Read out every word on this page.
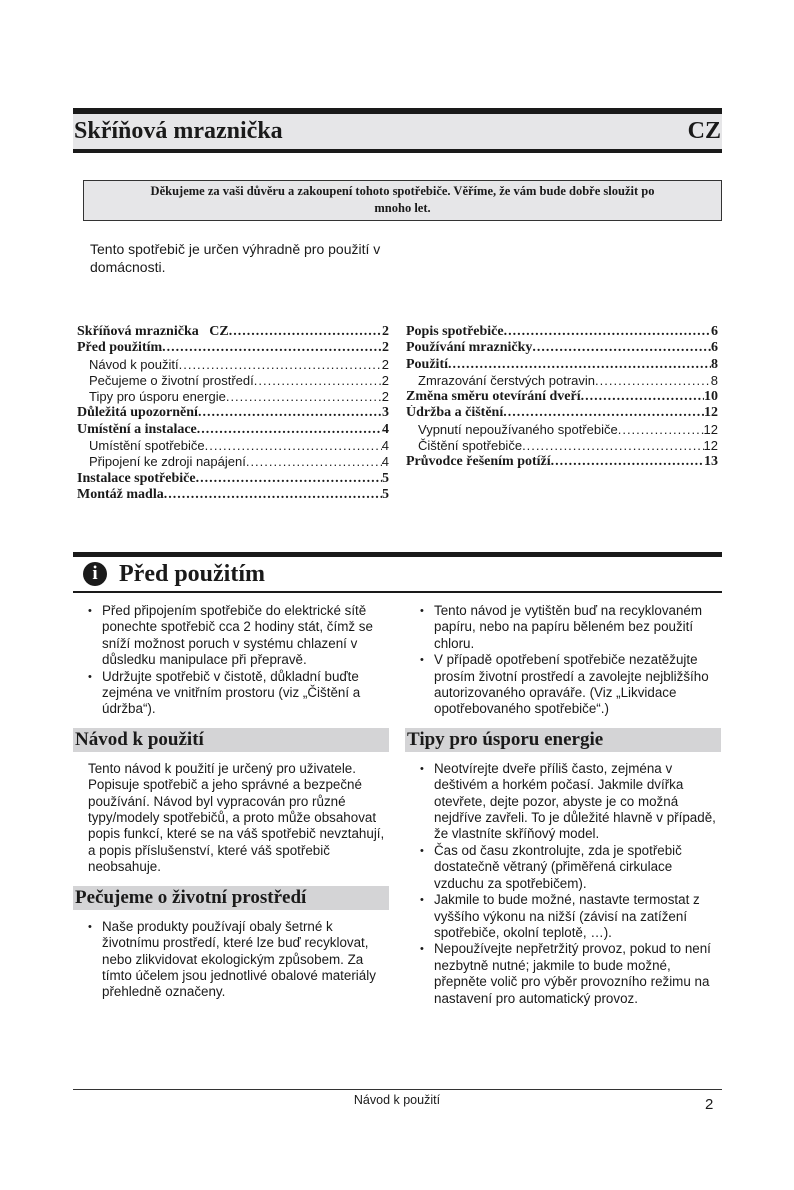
Skříňová mraznička	CZ
Děkujeme za vaši důvěru a zakoupení tohoto spotřebiče. Věříme, že vám bude dobře sloužit po mnoho let.
Tento spotřebič je určen výhradně pro použití v domácnosti.
Skříňová mraznička   CZ .....	2
Před použitím .....	2
Návod k použití .....	2
Pečujeme o životní prostředí .....	2
Tipy pro úsporu energie .....	2
Důležitá upozornění .....	3
Umístění a instalace .....	4
Umístění spotřebiče .....	4
Připojení ke zdroji napájení .....	4
Instalace spotřebiče .....	5
Montáž madla .....	5
Popis spotřebiče .....	6
Používání mrazničky .....	6
Použití .....	8
Zmrazování čerstvých potravin .....	8
Změna směru otevírání dveří .....	10
Údržba a čištění .....	12
Vypnutí nepoužívaného spotřebiče .....	12
Čištění spotřebiče .....	12
Průvodce řešením potíží .....	13
i Před použitím
• Před připojením spotřebiče do elektrické sítě ponechte spotřebič cca 2 hodiny stát, čímž se sníží možnost poruch v systému chlazení v důsledku manipulace při přepravě.
• Udržujte spotřebič v čistotě, důkladní buďte zejména ve vnitřním prostoru (viz „Čištění a údržba“).
Návod k použití
Tento návod k použití je určený pro uživatele. Popisuje spotřebič a jeho správné a bezpečné používání. Návod byl vypracován pro různé typy/modely spotřebičů, a proto může obsahovat popis funkcí, které se na váš spotřebič nevztahují, a popis příslušenství, které váš spotřebič neobsahuje.
Pečujeme o životní prostředí
• Naše produkty používají obaly šetrné k životnímu prostředí, které lze buď recyklovat, nebo zlikvidovat ekologickým způsobem. Za tímto účelem jsou jednotlivé obalové materiály přehledně označeny.
• Tento návod je vytištěn buď na recyklovaném papíru, nebo na papíru běleném bez použití chloru.
• V případě opotřebení spotřebiče nezatěžujte prosím životní prostředí a zavolejte nejbližšího autorizovaného opraváře. (Viz „Likvidace opotřebovaného spotřebiče“.)
Tipy pro úsporu energie
• Neotvírejte dveře příliš často, zejména v deštivém a horkém počasí. Jakmile dvířka otevřete, dejte pozor, abyste je co možná nejdříve zavřeli. To je důležité hlavně v případě, že vlastníte skříňový model.
• Čas od času zkontrolujte, zda je spotřebič dostatečně větraný (přiměřená cirkulace vzduchu za spotřebičem).
• Jakmile to bude možné, nastavte termostat z vyššího výkonu na nižší (závisí na zatížení spotřebiče, okolní teplotě, …).
• Nepoužívejte nepřetržitý provoz, pokud to není nezbytně nutné; jakmile to bude možné, přepněte volič pro výběr provozního režimu na nastavení pro automatický provoz.
Návod k použití	2
